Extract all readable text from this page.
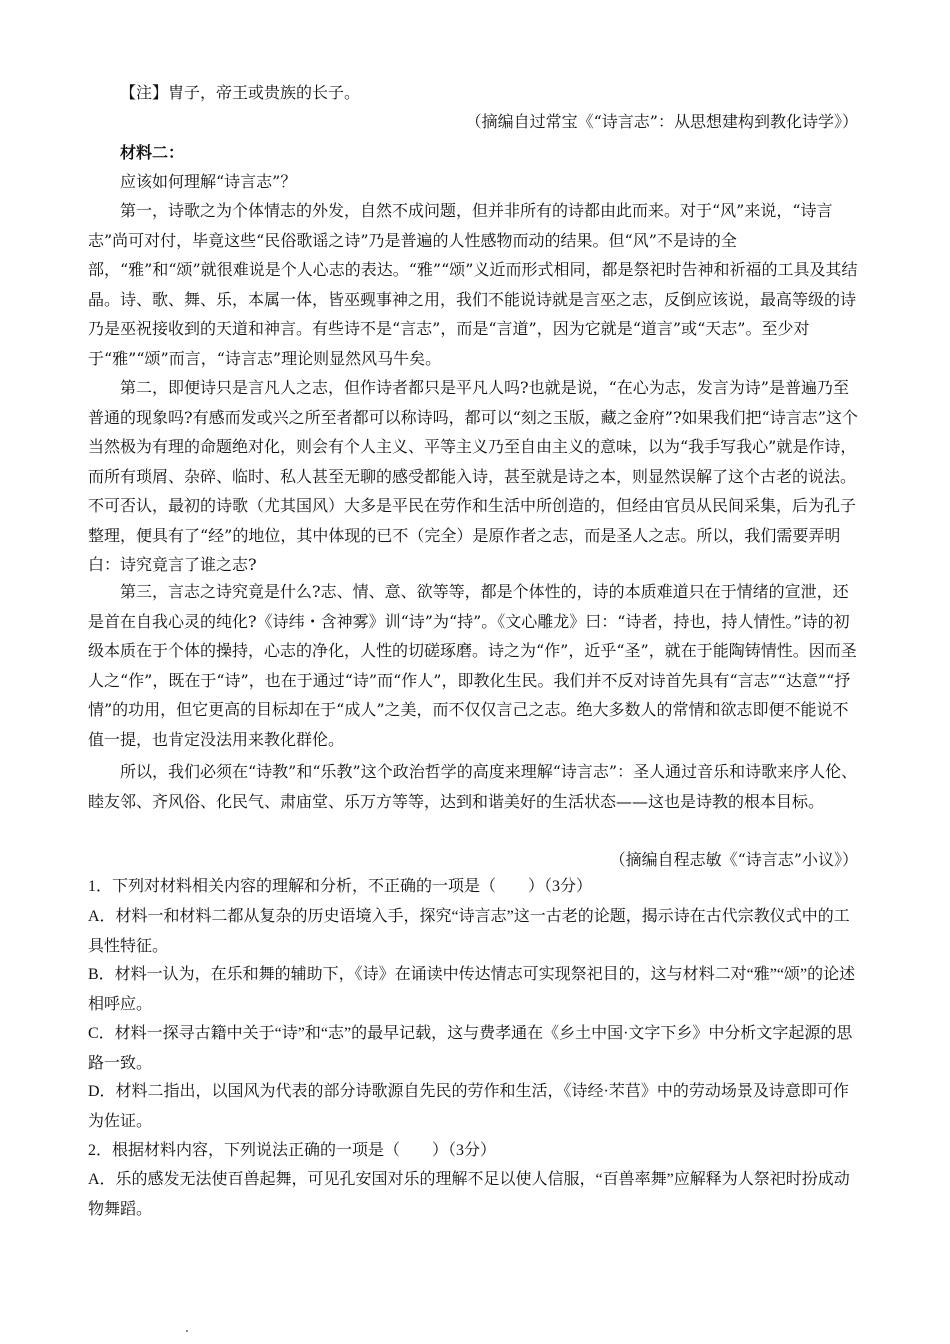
【注】胄子，帝王或贵族的长子。

（摘编自过常宝《“诗言志”：从思想建构到教化诗学》）

材料二：

应该如何理解“诗言志”？

第一，诗歌之为个体情志的外发，自然不成问题，但并非所有的诗都由此而来。对于“风”来说，“诗言志”尚可对付，毕竟这些“民俗歌谣之诗”乃是普遍的人性感物而动的结果。但“风”不是诗的全部，“雅”和“颂”就很难说是个人心志的表达。“雅”“颂”义近而形式相同，都是祭祀时告神和祈福的工具及其结晶。诗、歌、舞、乐，本属一体，皆巫觋事神之用，我们不能说诗就是言巫之志，反倒应该说，最高等级的诗乃是巫祝接收到的天道和神言。有些诗不是“言志”，而是“言道”，因为它就是“道言”或“天志”。至少对于“雅”“颂”而言，“诗言志”理论则显然风马牛矣。

第二，即便诗只是言凡人之志，但作诗者都只是平凡人吗?也就是说，“在心为志，发言为诗”是普遍乃至普通的现象吗?有感而发或兴之所至者都可以称诗吗，都可以“刻之玉版，藏之金府”?如果我们把“诗言志”这个当然极为有理的命题绝对化，则会有个人主义、平等主义乃至自由主义的意味，以为“我手写我心”就是作诗，而所有琐屑、杂碎、临时、私人甚至无聊的感受都能入诗，甚至就是诗之本，则显然误解了这个古老的说法。不可否认，最初的诗歌（尤其国风）大多是平民在劳作和生活中所创造的，但经由官员从民间采集，后为孔子整理，便具有了“经”的地位，其中体现的已不（完全）是原作者之志，而是圣人之志。所以，我们需要弄明白：诗究竟言了谁之志?

第三，言志之诗究竟是什么?志、情、意、欲等等，都是个体性的，诗的本质难道只在于情绪的宣泄，还是首在自我心灵的纯化?《诗纬・含神雾》训“诗”为“持”。《文心雕龙》曰：“诗者，持也，持人情性。”诗的初级本质在于个体的操持，心志的净化，人性的切磋琢磨。诗之为“作”，近乎“圣”，就在于能陶铸情性。因而圣人之“作”，既在于“诗”，也在于通过“诗”而“作人”，即教化生民。我们并不反对诗首先具有“言志”“达意”“抒情”的功用，但它更高的目标却在于“成人”之美，而不仅仅言己之志。绝大多数人的常情和欲志即便不能说不值一提，也肯定没法用来教化群伦。

所以，我们必须在“诗教”和“乐教”这个政治哲学的高度来理解“诗言志”：圣人通过音乐和诗歌来序人伦、睦友邻、齐风俗、化民气、肃庙堂、乐万方等等，达到和谐美好的生活状态——这也是诗教的根本目标。

（摘编自程志敏《“诗言志”小议》）

1．下列对材料相关内容的理解和分析，不正确的一项是（　　）（3分）

A．材料一和材料二都从复杂的历史语境入手，探究“诗言志”这一古老的论题，揭示诗在古代宗教仪式中的工具性特征。

B．材料一认为，在乐和舞的辅助下，《诗》在诵读中传达情志可实现祭祀目的，这与材料二对“雅”“颂”的论述相呼应。

C．材料一探寻古籍中关于“诗”和“志”的最早记载，这与费孝通在《乡土中国·文字下乡》中分析文字起源的思路一致。

D．材料二指出，以国风为代表的部分诗歌源自先民的劳作和生活，《诗经·芣苢》中的劳动场景及诗意即可作为佐证。

2．根据材料内容，下列说法正确的一项是（　　）（3分）

A．乐的感发无法使百兽起舞，可见孔安国对乐的理解不足以使人信服，“百兽率舞”应解释为人祭祀时扮成动物舞蹈。
